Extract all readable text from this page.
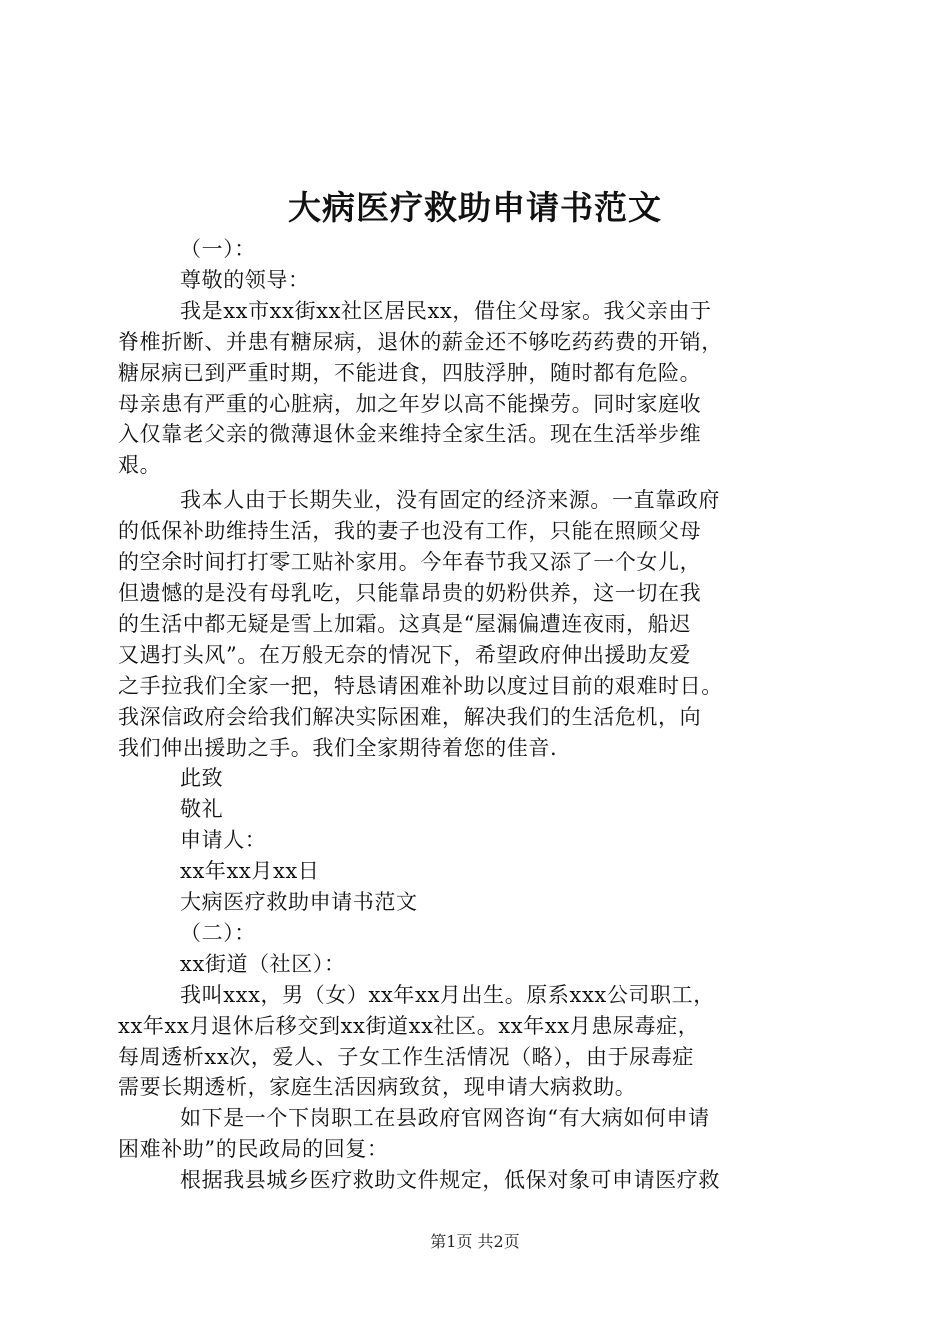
大病医疗救助申请书范文

（一）：

尊敬的领导：

我是xx市xx街xx社区居民xx，借住父母家。我父亲由于

脊椎折断、并患有糖尿病，退休的薪金还不够吃药药费的开销，

糖尿病已到严重时期，不能进食，四肢浮肿，随时都有危险。

母亲患有严重的心脏病，加之年岁以高不能操劳。同时家庭收

入仅靠老父亲的微薄退休金来维持全家生活。现在生活举步维

艰。

我本人由于长期失业，没有固定的经济来源。一直靠政府

的低保补助维持生活，我的妻子也没有工作，只能在照顾父母

的空余时间打打零工贴补家用。今年春节我又添了一个女儿，

但遗憾的是没有母乳吃，只能靠昂贵的奶粉供养，这一切在我

的生活中都无疑是雪上加霜。这真是“屋漏偏遭连夜雨，船迟

又遇打头风”。在万般无奈的情况下，希望政府伸出援助友爱

之手拉我们全家一把，特恳请困难补助以度过目前的艰难时日。

我深信政府会给我们解决实际困难，解决我们的生活危机，向

我们伸出援助之手。我们全家期待着您的佳音.

此致

敬礼

申请人：

xx年xx月xx日

大病医疗救助申请书范文

（二）：

xx街道（社区）：

我叫xxx，男（女）xx年xx月出生。原系xxx公司职工，

xx年xx月退休后移交到xx街道xx社区。xx年xx月患尿毒症，

每周透析xx次，爱人、子女工作生活情况（略），由于尿毒症

需要长期透析，家庭生活因病致贫，现申请大病救助。

如下是一个下岗职工在县政府官网咨询“有大病如何申请

困难补助”的民政局的回复：

根据我县城乡医疗救助文件规定，低保对象可申请医疗救

第1页 共2页
